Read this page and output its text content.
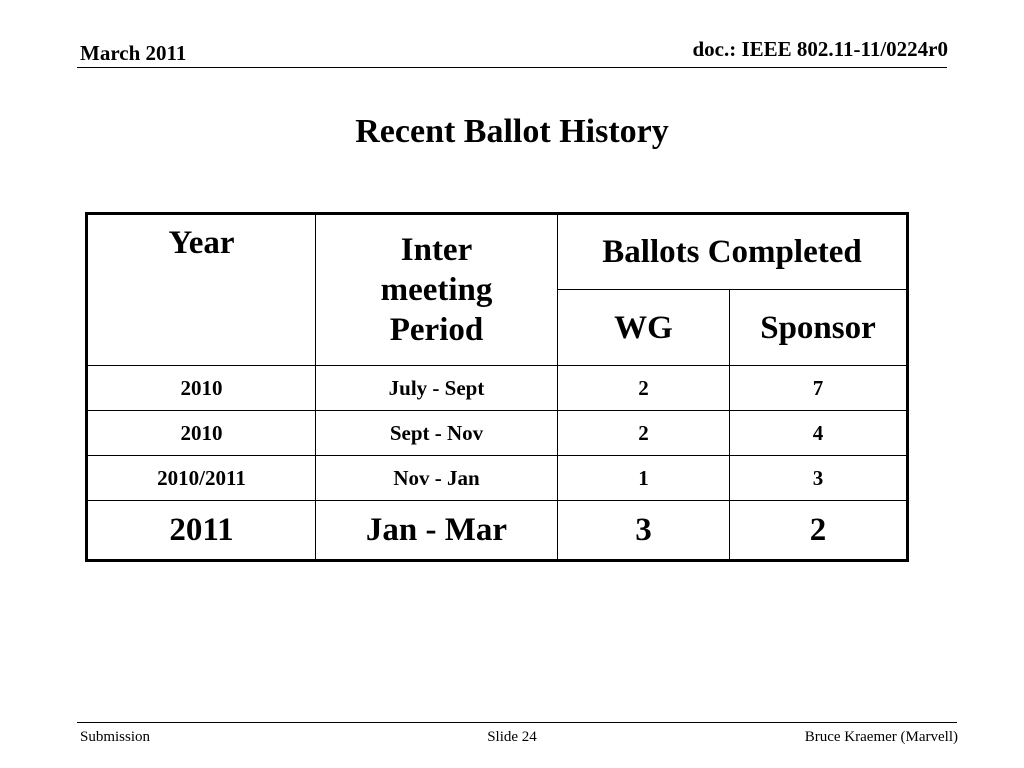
March 2011	doc.: IEEE 802.11-11/0224r0
Recent Ballot History
Year	Inter meeting Period	Ballots Completed	
		WG	Sponsor
2010	July - Sept	2	7
2010	Sept - Nov	2	4
2010/2011	Nov - Jan	1	3
2011	Jan - Mar	3	2
Submission	Slide 24	Bruce Kraemer (Marvell)
